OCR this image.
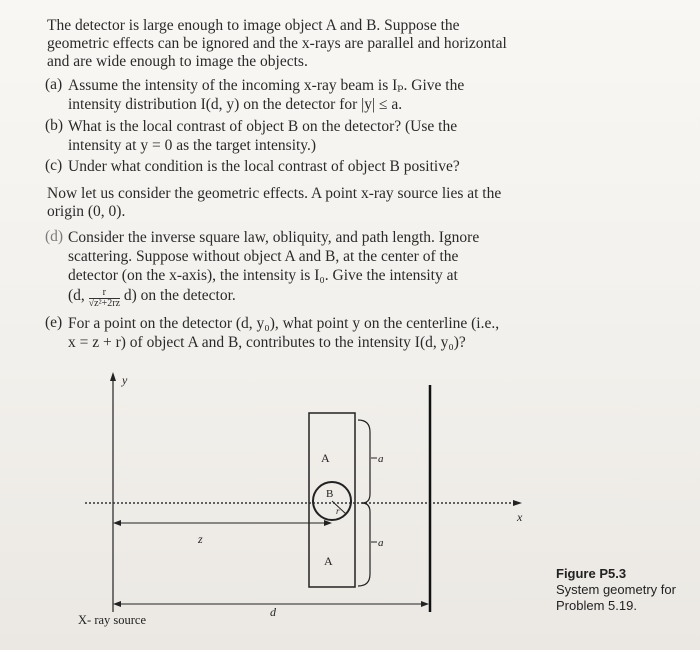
The detector is large enough to image object A and B. Suppose the
geometric effects can be ignored and the x-rays are parallel and horizontal
and are wide enough to image the objects.
(a) Assume the intensity of the incoming x-ray beam is Iₚ. Give the
intensity distribution I(d, y) on the detector for |y| ≤ a.
(b) What is the local contrast of object B on the detector? (Use the
intensity at y = 0 as the target intensity.)
(c) Under what condition is the local contrast of object B positive?
Now let us consider the geometric effects. A point x-ray source lies at the
origin (0, 0).
(d) Consider the inverse square law, obliquity, and path length. Ignore
scattering. Suppose without object A and B, at the center of the
detector (on the x-axis), the intensity is I₀. Give the intensity at
(d, $\frac{r}{\text{√z²+2rz}} d$) on the detector.
(e) For a point on the detector (d, y₀), what point y on the centerline (i.e.,
x = z + r) of object A and B, contributes to the intensity I(d, y₀)?
y
x
A
A
B
r
a
a
z
d
X- ray source
Figure P5.3
System geometry for
Problem 5.19.
